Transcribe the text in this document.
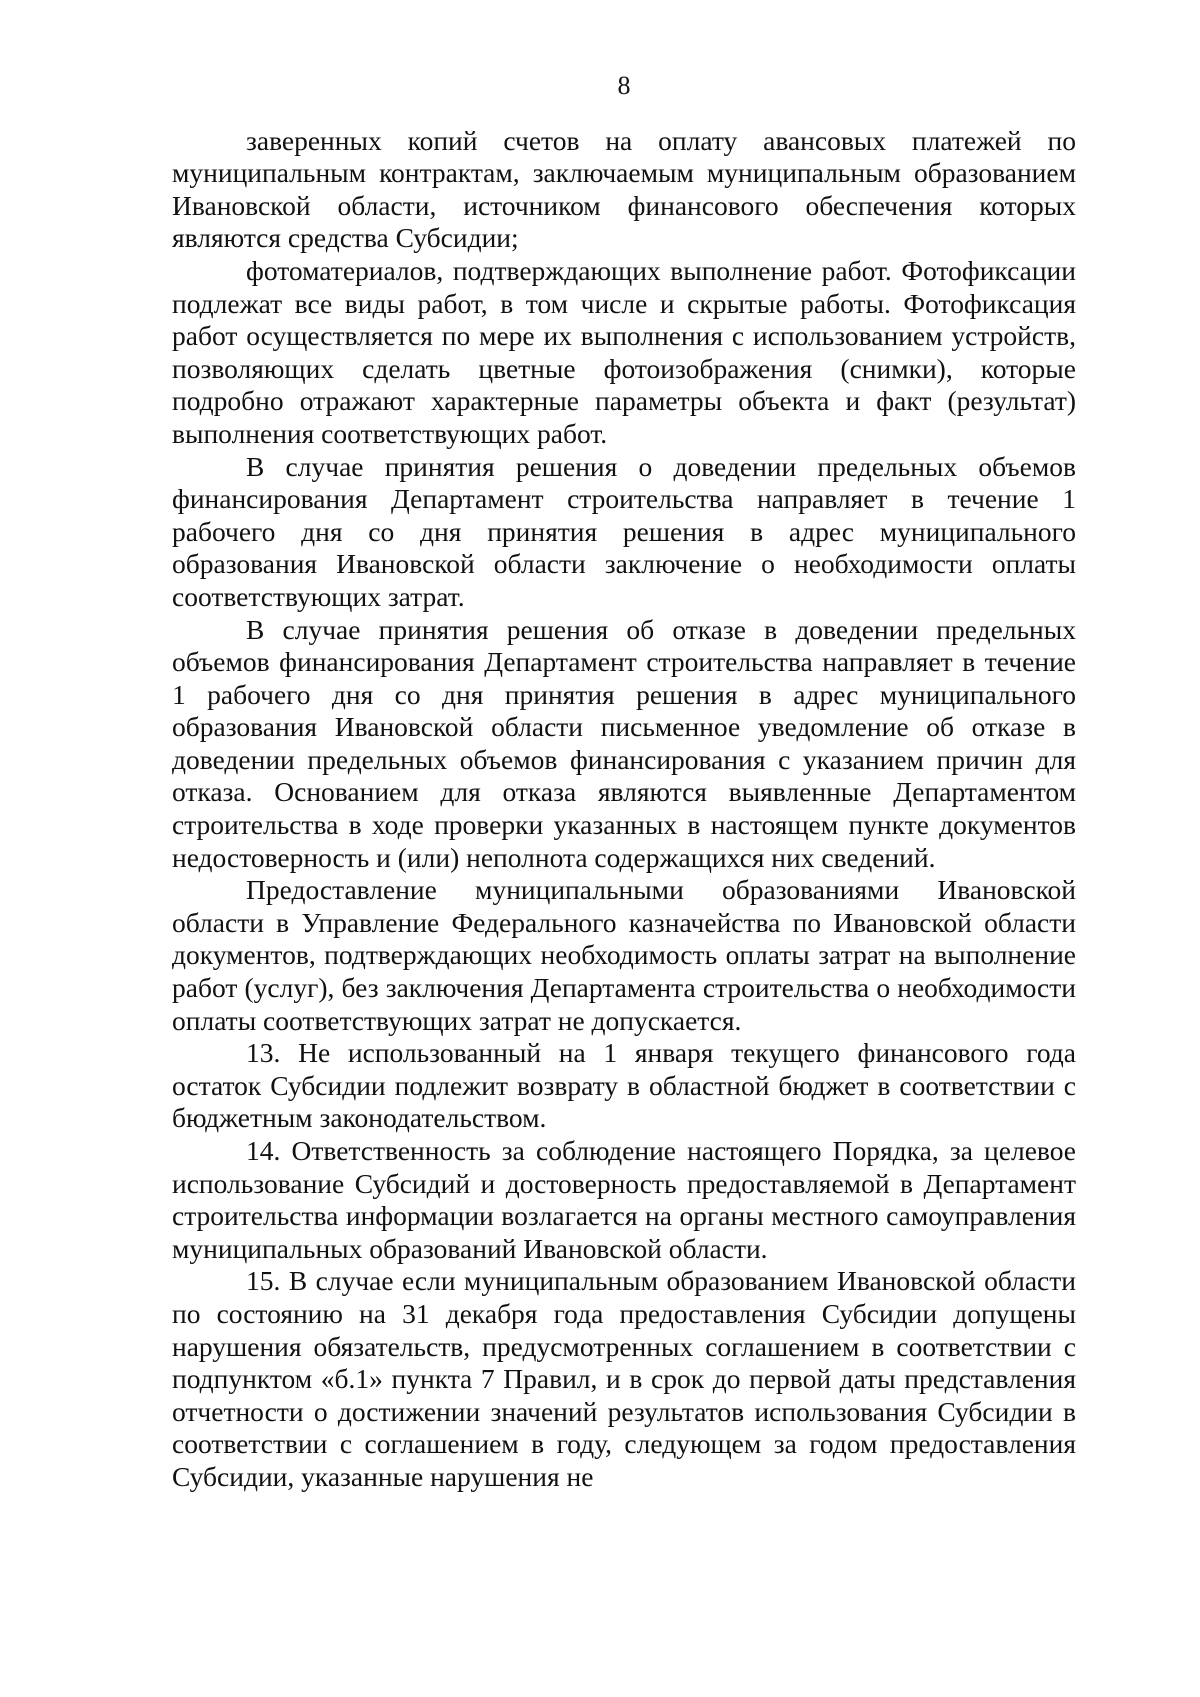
8

заверенных копий счетов на оплату авансовых платежей по муниципальным контрактам, заключаемым муниципальным образованием Ивановской области, источником финансового обеспечения которых являются средства Субсидии;

фотоматериалов, подтверждающих выполнение работ. Фотофиксации подлежат все виды работ, в том числе и скрытые работы. Фотофиксация работ осуществляется по мере их выполнения с использованием устройств, позволяющих сделать цветные фотоизображения (снимки), которые подробно отражают характерные параметры объекта и факт (результат) выполнения соответствующих работ.

В случае принятия решения о доведении предельных объемов финансирования Департамент строительства направляет в течение 1 рабочего дня со дня принятия решения в адрес муниципального образования Ивановской области заключение о необходимости оплаты соответствующих затрат.

В случае принятия решения об отказе в доведении предельных объемов финансирования Департамент строительства направляет в течение 1 рабочего дня со дня принятия решения в адрес муниципального образования Ивановской области письменное уведомление об отказе в доведении предельных объемов финансирования с указанием причин для отказа. Основанием для отказа являются выявленные Департаментом строительства в ходе проверки указанных в настоящем пункте документов недостоверность и (или) неполнота содержащихся них сведений.

Предоставление муниципальными образованиями Ивановской области в Управление Федерального казначейства по Ивановской области документов, подтверждающих необходимость оплаты затрат на выполнение работ (услуг), без заключения Департамента строительства о необходимости оплаты соответствующих затрат не допускается.

13. Не использованный на 1 января текущего финансового года остаток Субсидии подлежит возврату в областной бюджет в соответствии с бюджетным законодательством.

14. Ответственность за соблюдение настоящего Порядка, за целевое использование Субсидий и достоверность предоставляемой в Департамент строительства информации возлагается на органы местного самоуправления муниципальных образований Ивановской области.

15. В случае если муниципальным образованием Ивановской области по состоянию на 31 декабря года предоставления Субсидии допущены нарушения обязательств, предусмотренных соглашением в соответствии с подпунктом «б.1» пункта 7 Правил, и в срок до первой даты представления отчетности о достижении значений результатов использования Субсидии в соответствии с соглашением в году, следующем за годом предоставления Субсидии, указанные нарушения не
